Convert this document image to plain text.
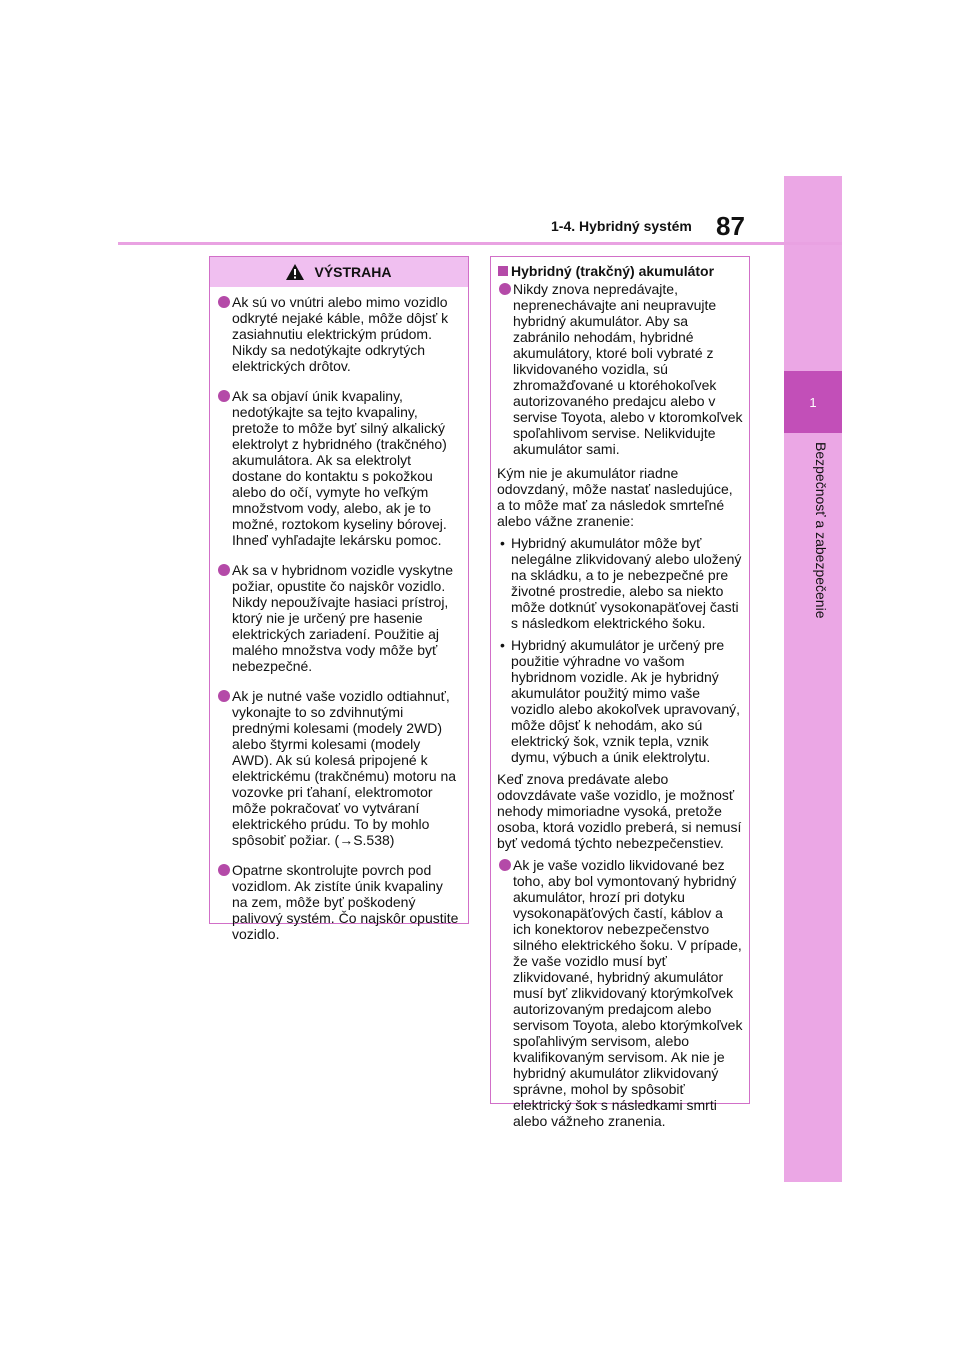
1
Bezpečnosť a zabezpečenie
1-4. Hybridný systém 87
VÝSTRAHA
Ak sú vo vnútri alebo mimo vozidlo odkryté nejaké káble, môže dôjsť k zasiahnutiu elektrickým prúdom. Nikdy sa nedotýkajte odkrytých elektrických drôtov.
Ak sa objaví únik kvapaliny, nedotýkajte sa tejto kvapaliny, pretože to môže byť silný alkalický elektrolyt z hybridného (trakčného) akumulátora. Ak sa elektrolyt dostane do kontaktu s pokožkou alebo do očí, vymyte ho veľkým množstvom vody, alebo, ak je to možné, roztokom kyseliny bórovej. Ihneď vyhľadajte lekársku pomoc.
Ak sa v hybridnom vozidle vyskytne požiar, opustite čo najskôr vozidlo. Nikdy nepoužívajte hasiaci prístroj, ktorý nie je určený pre hasenie elektrických zariadení. Použitie aj malého množstva vody môže byť nebezpečné.
Ak je nutné vaše vozidlo odtiahnuť, vykonajte to so zdvihnutými prednými kolesami (modely 2WD) alebo štyrmi kolesami (modely AWD). Ak sú kolesá pripojené k elektrickému (trakčnému) motoru na vozovke pri ťahaní, elektromotor môže pokračovať vo vytváraní elektrického prúdu. To by mohlo spôsobiť požiar. (→S.538)
Opatrne skontrolujte povrch pod vozidlom. Ak zistíte únik kvapaliny na zem, môže byť poškodený palivový systém. Čo najskôr opustite vozidlo.
Hybridný (trakčný) akumulátor
Nikdy znova nepredávajte, neprenechávajte ani neupravujte hybridný akumulátor. Aby sa zabránilo nehodám, hybridné akumulátory, ktoré boli vybraté z likvidovaného vozidla, sú zhromažďované u ktoréhokoľvek autorizovaného predajcu alebo v servise Toyota, alebo v ktoromkoľvek spoľahlivom servise. Nelikvidujte akumulátor sami.
Kým nie je akumulátor riadne odovzdaný, môže nastať nasledujúce, a to môže mať za následok smrteľné alebo vážne zranenie:
• Hybridný akumulátor môže byť nelegálne zlikvidovaný alebo uložený na skládku, a to je nebezpečné pre životné prostredie, alebo sa niekto môže dotknúť vysokonapäťovej časti s následkom elektrického šoku.
• Hybridný akumulátor je určený pre použitie výhradne vo vašom hybridnom vozidle. Ak je hybridný akumulátor použitý mimo vaše vozidlo alebo akokoľvek upravovaný, môže dôjsť k nehodám, ako sú elektrický šok, vznik tepla, vznik dymu, výbuch a únik elektrolytu.
Keď znova predávate alebo odovzdávate vaše vozidlo, je možnosť nehody mimoriadne vysoká, pretože osoba, ktorá vozidlo preberá, si nemusí byť vedomá týchto nebezpečenstiev.
Ak je vaše vozidlo likvidované bez toho, aby bol vymontovaný hybridný akumulátor, hrozí pri dotyku vysokonapäťových častí, káblov a ich konektorov nebezpečenstvo silného elektrického šoku. V prípade, že vaše vozidlo musí byť zlikvidované, hybridný akumulátor musí byť zlikvidovaný ktorýmkoľvek autorizovaným predajcom alebo servisom Toyota, alebo ktorýmkoľvek spoľahlivým servisom, alebo kvalifikovaným servisom. Ak nie je hybridný akumulátor zlikvidovaný správne, mohol by spôsobiť elektrický šok s následkami smrti alebo vážneho zranenia.
